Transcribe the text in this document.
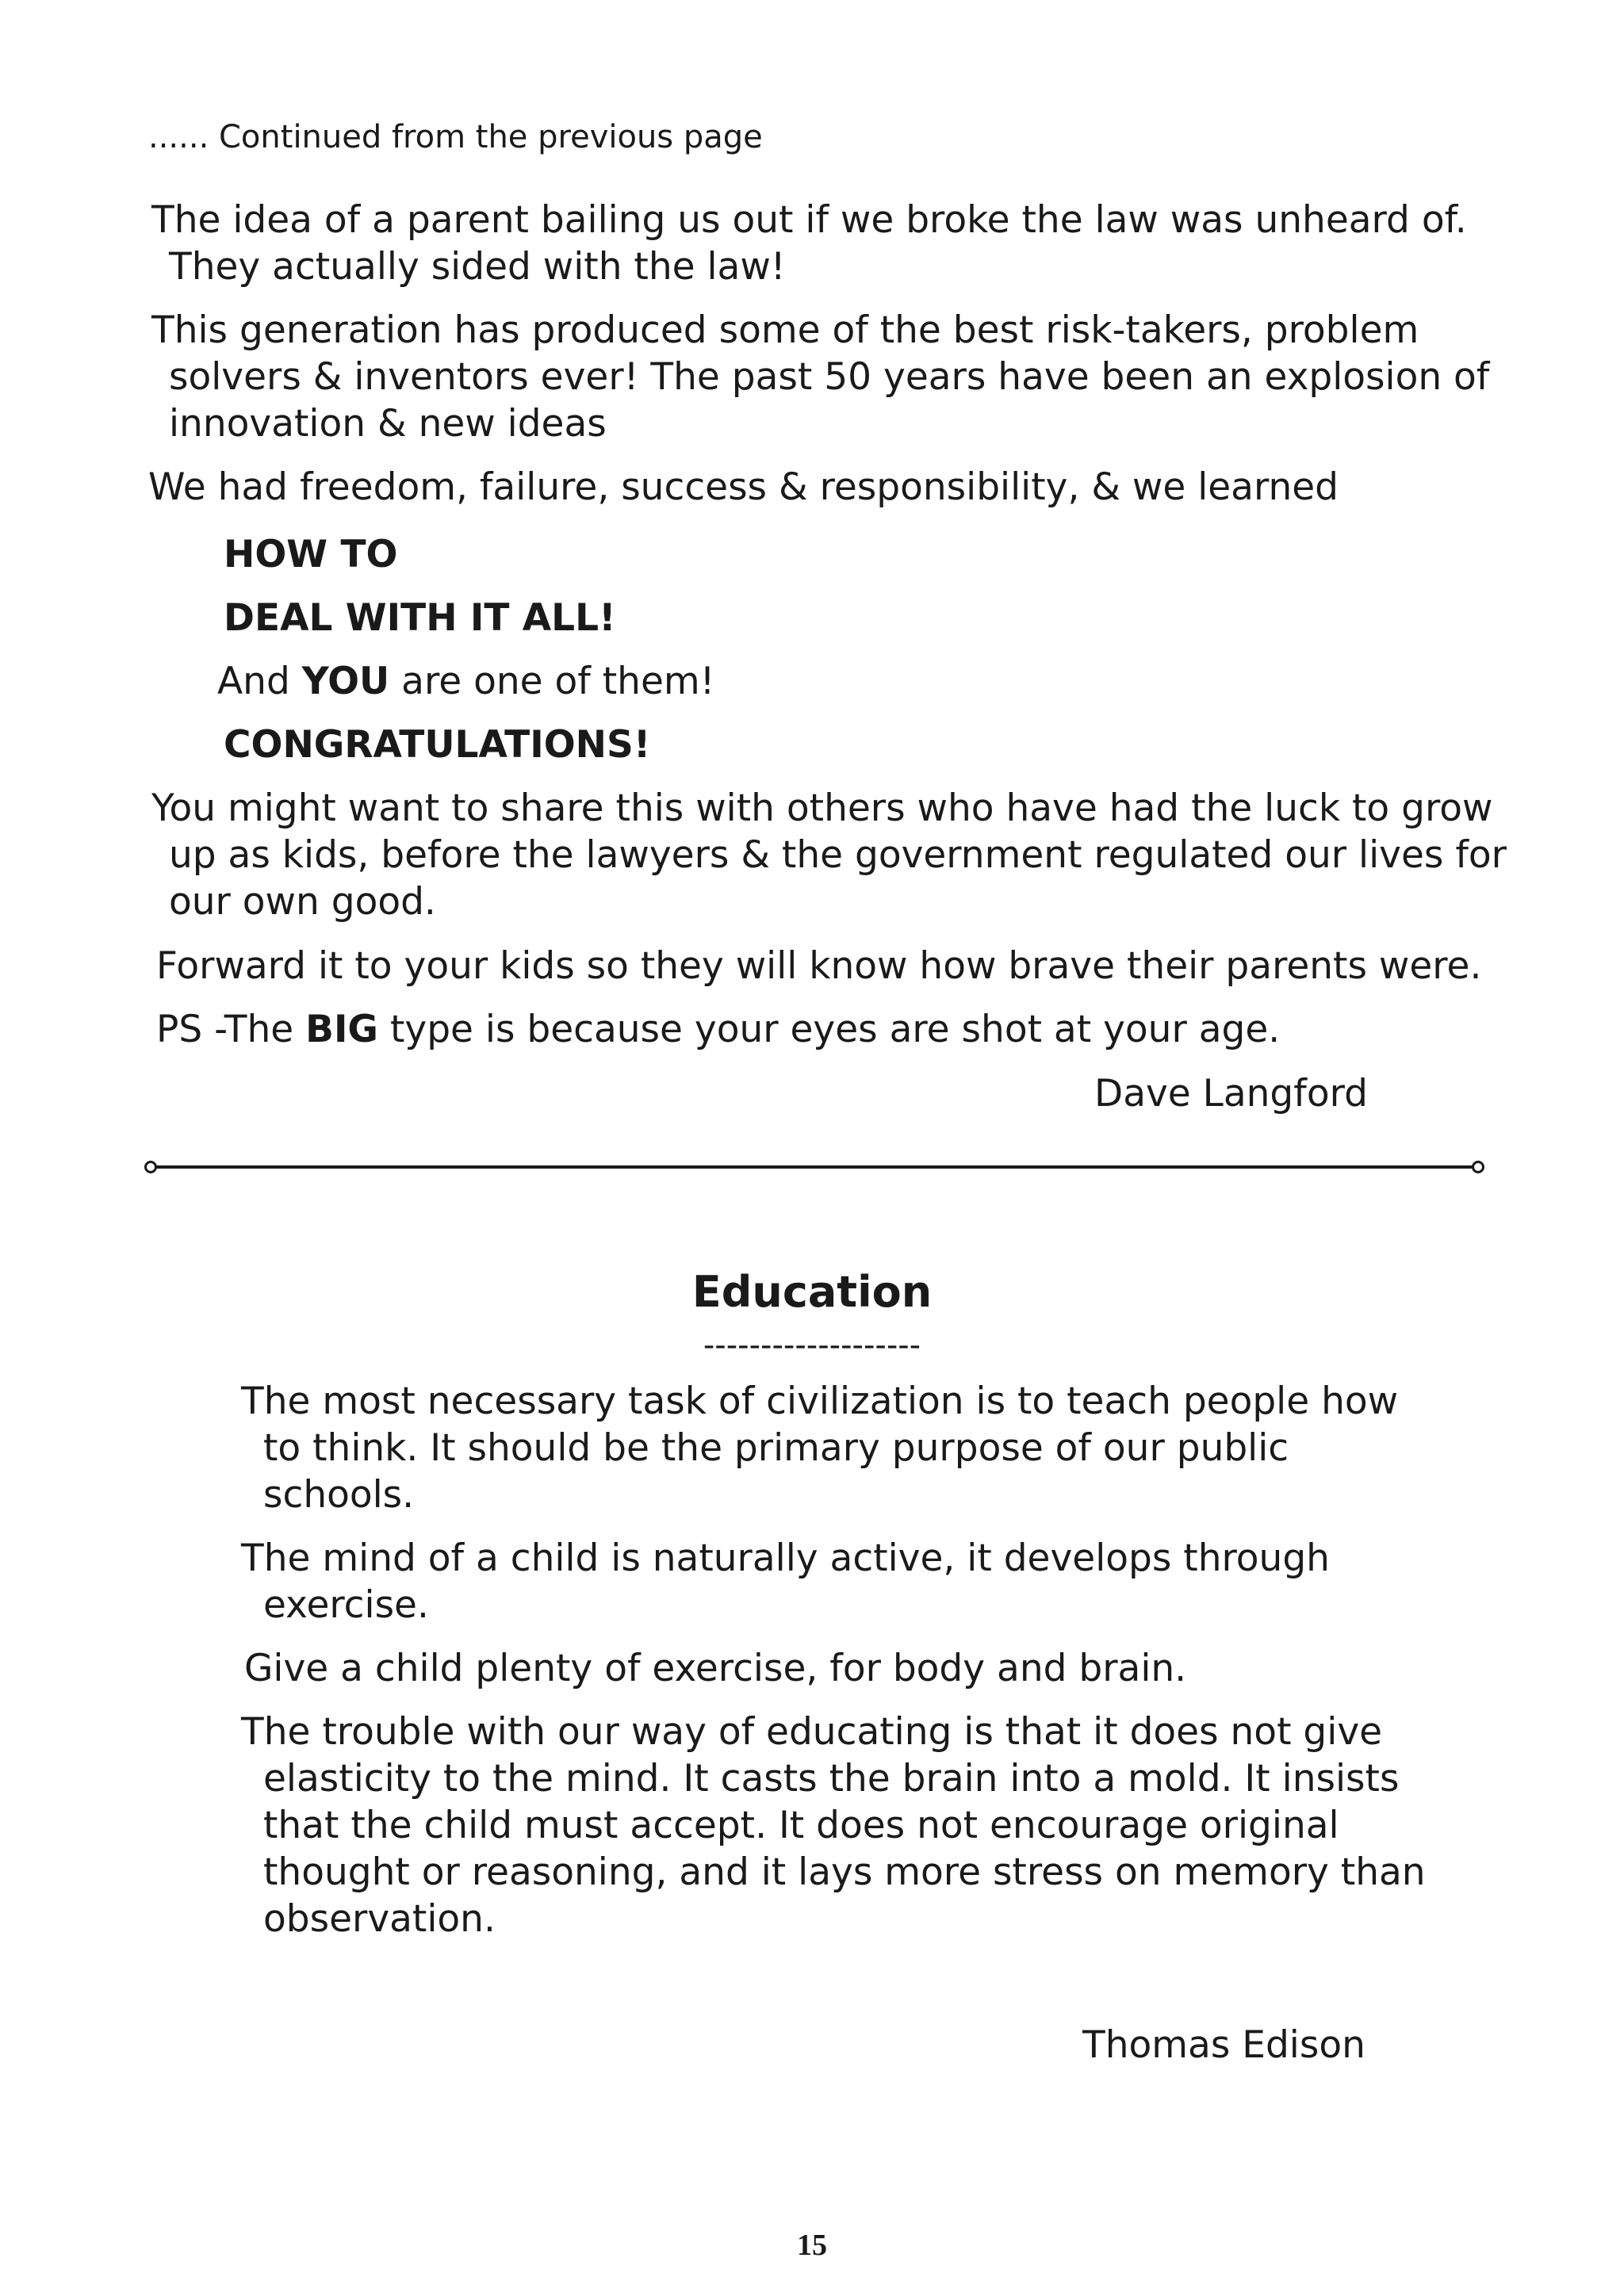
...... Continued from the previous page
The idea of a parent bailing us out if we broke the law was unheard of.
They actually sided with the law!
This generation has produced some of the best risk-takers, problem
solvers & inventors ever! The past 50 years have been an explosion of
innovation & new ideas
We had freedom, failure, success & responsibility, & we learned
HOW TO
DEAL WITH IT ALL!
And YOU are one of them!
CONGRATULATIONS!
You might want to share this with others who have had the luck to grow
up as kids, before the lawyers & the government regulated our lives for
our own good.
Forward it to your kids so they will know how brave their parents were.
PS -The BIG type is because your eyes are shot at your age.
Dave Langford
Education
-------------------
The most necessary task of civilization is to teach people how
to think. It should be the primary purpose of our public
schools.
The mind of a child is naturally active, it develops through
exercise.
Give a child plenty of exercise, for body and brain.
The trouble with our way of educating is that it does not give
elasticity to the mind. It casts the brain into a mold. It insists
that the child must accept. It does not encourage original
thought or reasoning, and it lays more stress on memory than
observation.
Thomas Edison
15
